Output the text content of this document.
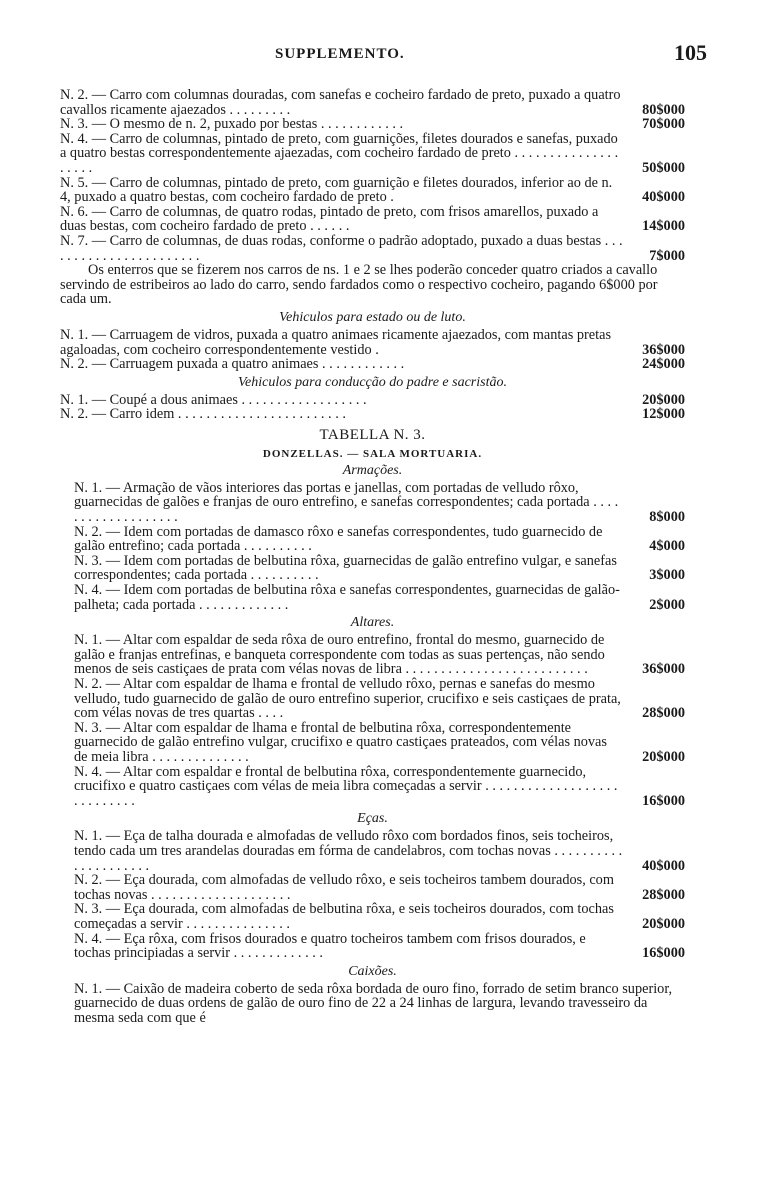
SUPPLEMENTO.	105
N. 2. — Carro com columnas douradas, com sanefas e cocheiro fardado de preto, puxado a quatro cavallos ricamente ajaezados . . . . . . . . .	80$000
N. 3. — O mesmo de n. 2, puxado por bestas . . . . . . . . . . . .	70$000
N. 4. — Carro de columnas, pintado de preto, com guarnições, filetes dourados e sanefas, puxado a quatro bestas correspondentemente ajaezadas, com cocheiro fardado de preto . . . . . . . . . . . . . . . . . . . .	50$000
N. 5. — Carro de columnas, pintado de preto, com guarnição e filetes dourados, inferior ao de n. 4, puxado a quatro bestas, com cocheiro fardado de preto .	40$000
N. 6. — Carro de columnas, de quatro rodas, pintado de preto, com frisos amarellos, puxado a duas bestas, com cocheiro fardado de preto . . . . . .	14$000
N. 7. — Carro de columnas, de duas rodas, conforme o padrão adoptado, puxado a duas bestas . . . . . . . . . . . . . . . . . . . . . . .	7$000

Os enterros que se fizerem nos carros de ns. 1 e 2 se lhes poderão conceder quatro criados a cavallo servindo de estribeiros ao lado do carro, sendo fardados como o respectivo cocheiro, pagando 6$000 por cada um.

Vehiculos para estado ou de luto.
N. 1. — Carruagem de vidros, puxada a quatro animaes ricamente ajaezados, com mantas pretas agaloadas, com cocheiro correspondentemente vestido .	36$000
N. 2. — Carruagem puxada a quatro animaes . . . . . . . . . . . .	24$000
Vehiculos para conducção do padre e sacristão.
N. 1. — Coupé a dous animaes . . . . . . . . . . . . . . . . . .	20$000
N. 2. — Carro idem . . . . . . . . . . . . . . . . . . . . . . . .	12$000
TABELLA N. 3.
DONZELLAS. — SALA MORTUARIA.
Armações.
N. 1. — Armação de vãos interiores das portas e janellas, com portadas de velludo rôxo, guarnecidas de galões e franjas de ouro entrefino, e sanefas correspondentes; cada portada . . . . . . . . . . . . . . . . . . .	8$000
N. 2. — Idem com portadas de damasco rôxo e sanefas correspondentes, tudo guarnecido de galão entrefino; cada portada . . . . . . . . . .	4$000
N. 3. — Idem com portadas de belbutina rôxa, guarnecidas de galão entrefino vulgar, e sanefas correspondentes; cada portada . . . . . . . . . .	3$000
N. 4. — Idem com portadas de belbutina rôxa e sanefas correspondentes, guarnecidas de galão-palheta; cada portada . . . . . . . . . . . . .	2$000
Altares.
N. 1. — Altar com espaldar de seda rôxa de ouro entrefino, frontal do mesmo, guarnecido de galão e franjas entrefinas, e banqueta correspondente com todas as suas pertenças, não sendo menos de seis castiçaes de prata com vélas novas de libra . . . . . . . . . . . . . . . . . . . . . . . . . .	36$000
N. 2. — Altar com espaldar de lhama e frontal de velludo rôxo, pernas e sanefas do mesmo velludo, tudo guarnecido de galão de ouro entrefino superior, crucifixo e seis castiçaes de prata, com vélas novas de tres quartas . . . .	28$000
N. 3. — Altar com espaldar de lhama e frontal de belbutina rôxa, correspondentemente guarnecido de galão entrefino vulgar, crucifixo e quatro castiçaes prateados, com vélas novas de meia libra . . . . . . . . . . . . . .	20$000
N. 4. — Altar com espaldar e frontal de belbutina rôxa, correspondentemente guarnecido, crucifixo e quatro castiçaes com vélas de meia libra começadas a servir . . . . . . . . . . . . . . . . . . . . . . . . . . . .	16$000
Eças.
N. 1. — Eça de talha dourada e almofadas de velludo rôxo com bordados finos, seis tocheiros, tendo cada um tres arandelas douradas em fórma de candelabros, com tochas novas . . . . . . . . . . . . . . . . . . . . .	40$000
N. 2. — Eça dourada, com almofadas de velludo rôxo, e seis tocheiros tambem dourados, com tochas novas . . . . . . . . . . . . . . . . . . . .	28$000
N. 3. — Eça dourada, com almofadas de belbutina rôxa, e seis tocheiros dourados, com tochas começadas a servir . . . . . . . . . . . . . . .	20$000
N. 4. — Eça rôxa, com frisos dourados e quatro tocheiros tambem com frisos dourados, e tochas principiadas a servir . . . . . . . . . . . . .	16$000
Caixões.

N. 1. — Caixão de madeira coberto de seda rôxa bordada de ouro fino, forrado de setim branco superior, guarnecido de duas ordens de galão de ouro fino de 22 a 24 linhas de largura, levando travesseiro da mesma seda com que é
